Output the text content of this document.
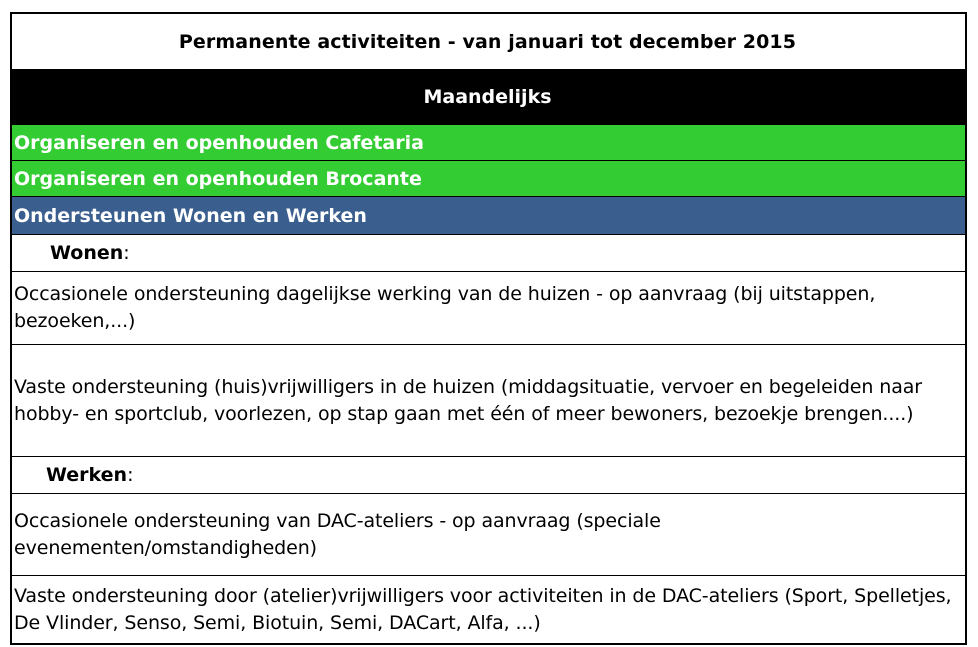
Permanente activiteiten - van januari tot december 2015
Maandelijks
Organiseren en openhouden Cafetaria
Organiseren en openhouden Brocante
Ondersteunen Wonen en Werken
Wonen :
Occasionele ondersteuning dagelijkse werking van de huizen - op aanvraag (bij uitstappen, bezoeken,...)
Vaste ondersteuning (huis)vrijwilligers in de huizen (middagsituatie, vervoer en begeleiden naar hobby- en sportclub, voorlezen, op stap gaan met één of meer bewoners, bezoekje brengen....)
Werken :
Occasionele ondersteuning van DAC-ateliers - op aanvraag (speciale evenementen/omstandigheden)
Vaste ondersteuning door (atelier)vrijwilligers voor activiteiten in de DAC-ateliers (Sport, Spelletjes, De Vlinder, Senso, Semi, Biotuin, Semi, DACart, Alfa, ...)
